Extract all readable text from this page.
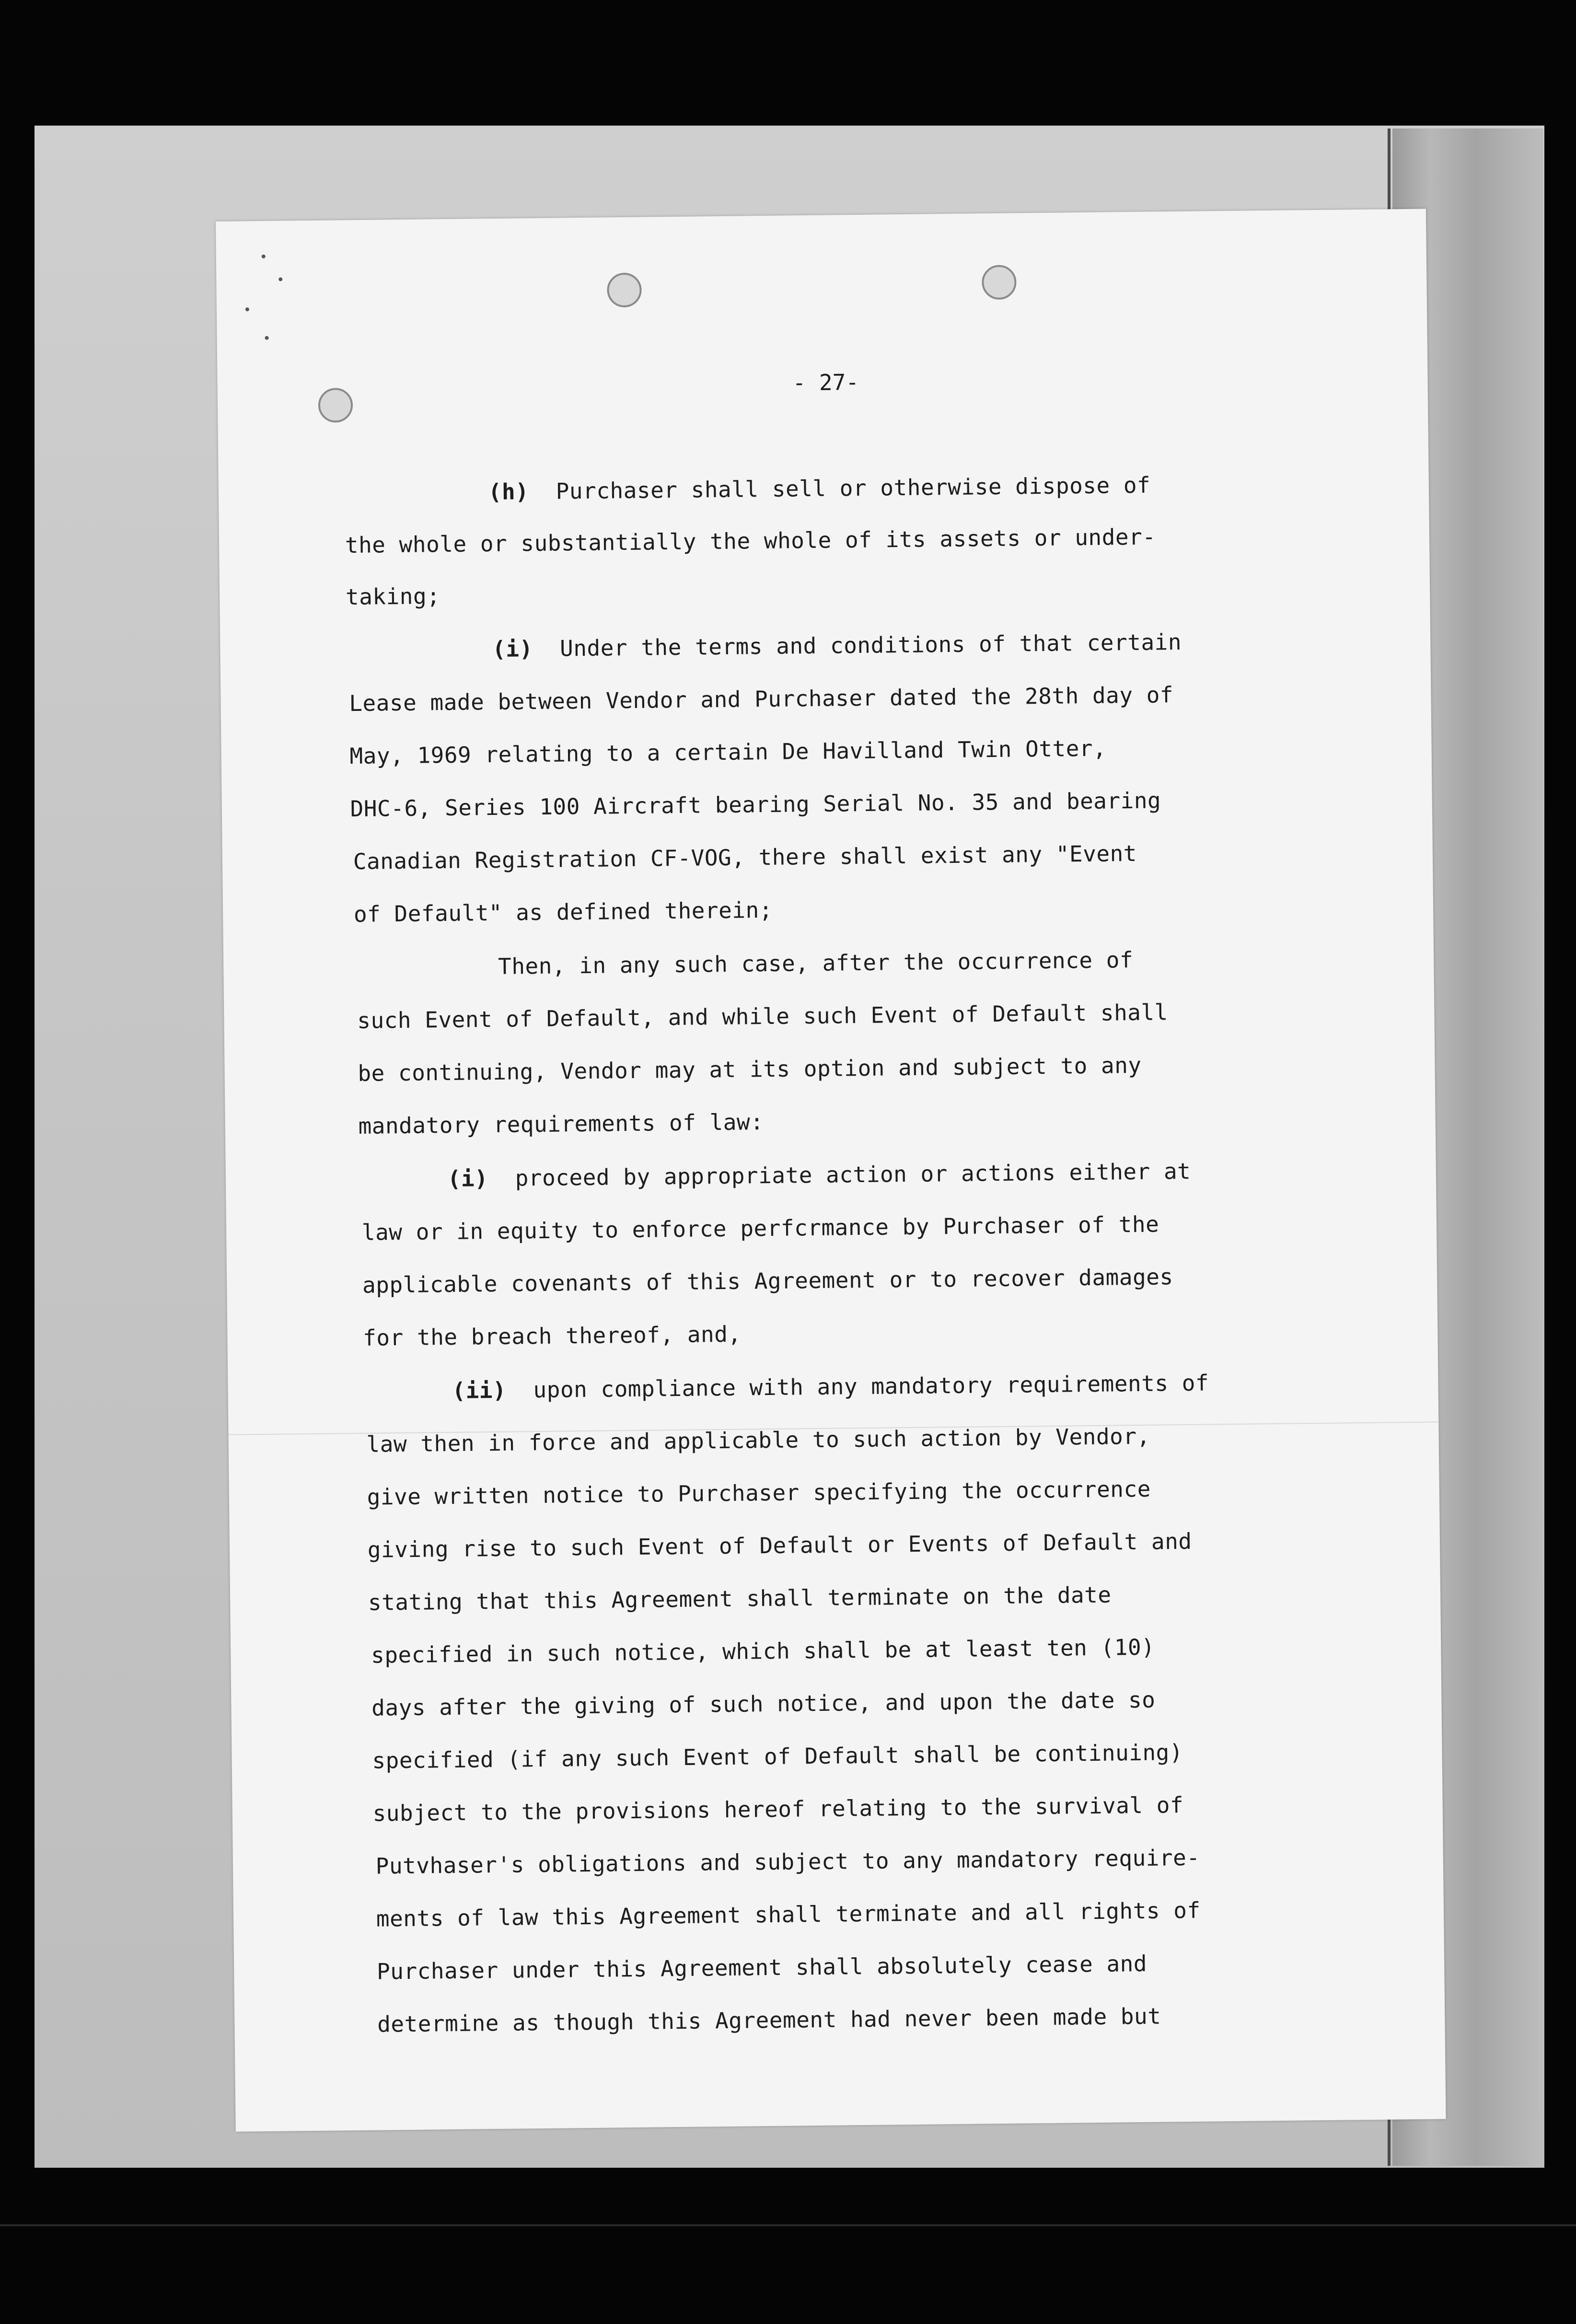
- 27-

(h) Purchaser shall sell or otherwise dispose of

the whole or substantially the whole of its assets or under-

taking;

(i) Under the terms and conditions of that certain

Lease made between Vendor and Purchaser dated the 28th day of

May, 1969 relating to a certain De Havilland Twin Otter,

DHC-6, Series 100 Aircraft bearing Serial No. 35 and bearing

Canadian Registration CF-VOG, there shall exist any "Event

of Default" as defined therein;

Then, in any such case, after the occurrence of

such Event of Default, and while such Event of Default shall

be continuing, Vendor may at its option and subject to any

mandatory requirements of law:

(i) proceed by appropriate action or actions either at

law or in equity to enforce perfcrmance by Purchaser of the

applicable covenants of this Agreement or to recover damages

for the breach thereof, and,

(ii) upon compliance with any mandatory requirements of

law then in force and applicable to such action by Vendor,

give written notice to Purchaser specifying the occurrence

giving rise to such Event of Default or Events of Default and

stating that this Agreement shall terminate on the date

specified in such notice, which shall be at least ten (10)

days after the giving of such notice, and upon the date so

specified (if any such Event of Default shall be continuing)

subject to the provisions hereof relating to the survival of

Putvhaser's obligations and subject to any mandatory require-

ments of law this Agreement shall terminate and all rights of

Purchaser under this Agreement shall absolutely cease and

determine as though this Agreement had never been made but
